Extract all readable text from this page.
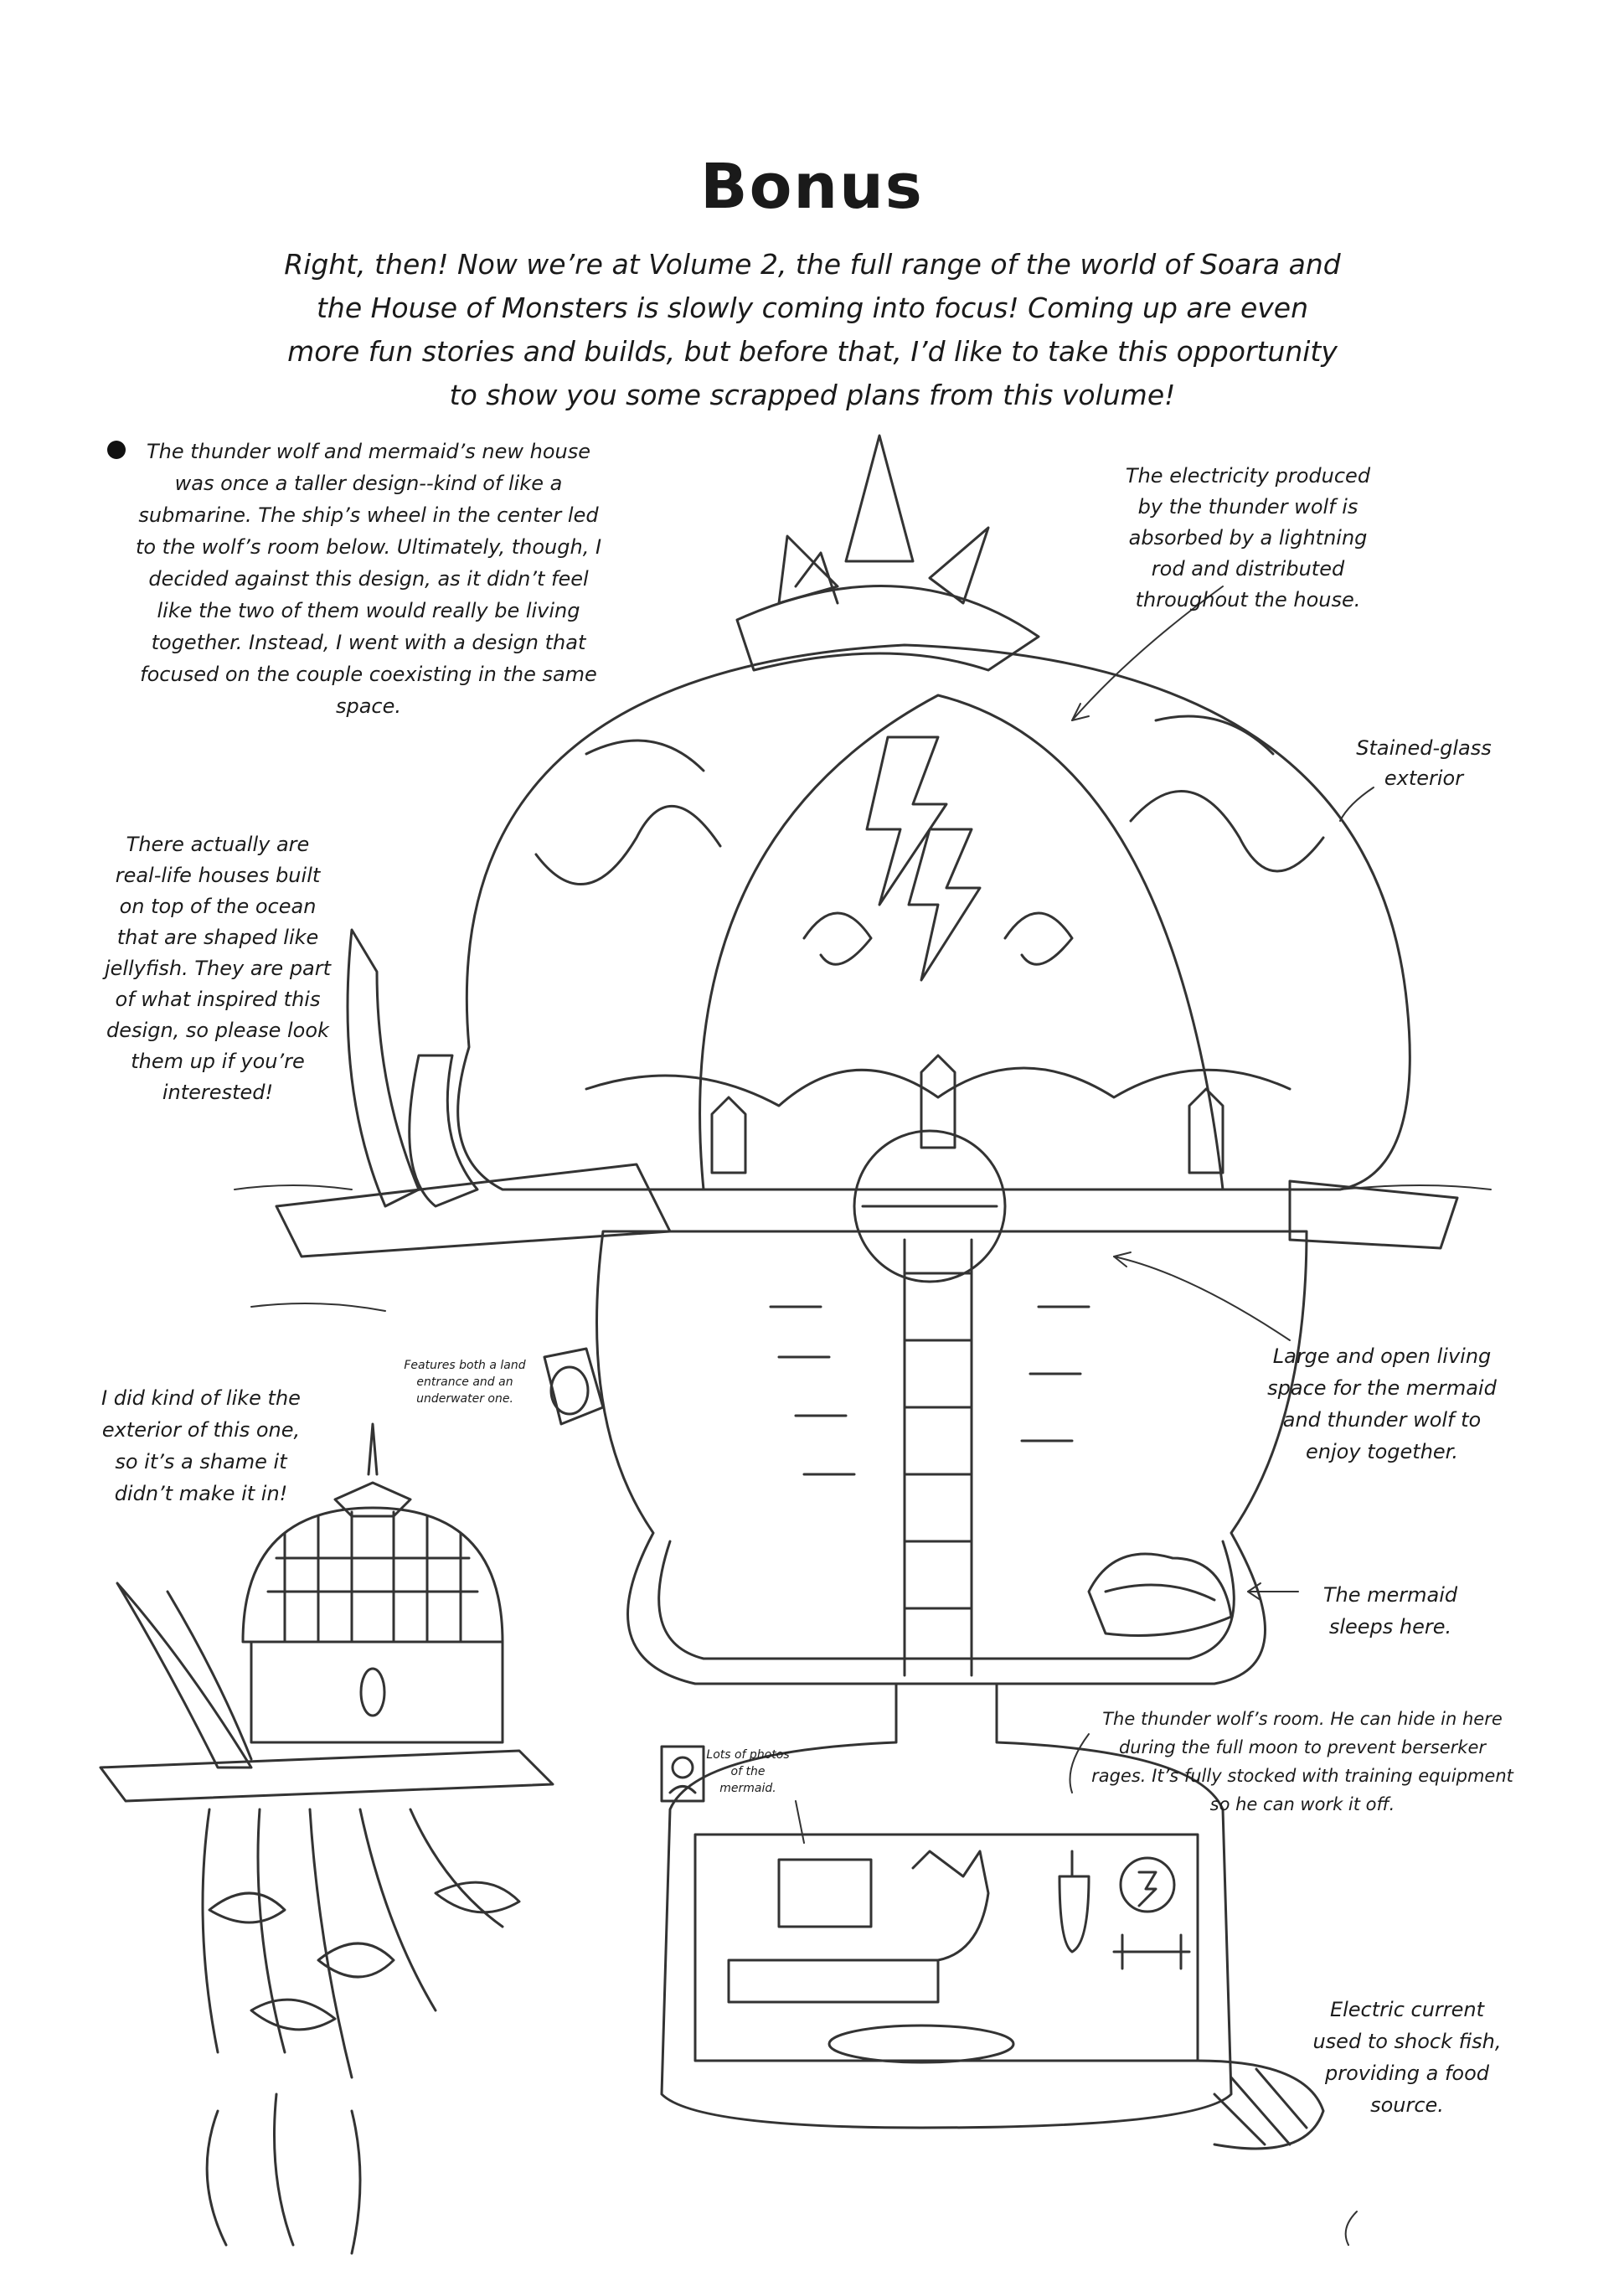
Bonus
Right, then! Now we’re at Volume 2, the full range of the world of Soara and the House of Monsters is slowly coming into focus! Coming up are even more fun stories and builds, but before that, I’d like to take this opportunity to show you some scrapped plans from this volume!
The thunder wolf and mermaid’s new house was once a taller design--kind of like a submarine. The ship’s wheel in the center led to the wolf’s room below. Ultimately, though, I decided against this design, as it didn’t feel like the two of them would really be living together. Instead, I went with a design that focused on the couple coexisting in the same space.
There actually are real-life houses built on top of the ocean that are shaped like jellyfish. They are part of what inspired this design, so please look them up if you’re interested!
I did kind of like the exterior of this one, so it’s a shame it didn’t make it in!
Features both a land entrance and an underwater one.
The electricity produced by the thunder wolf is absorbed by a lightning rod and distributed throughout the house.
Stained-glass exterior
Large and open living space for the mermaid and thunder wolf to enjoy together.
The mermaid sleeps here.
The thunder wolf’s room. He can hide in here during the full moon to prevent berserker rages. It’s fully stocked with training equipment so he can work it off.
Lots of photos of the mermaid.
Electric current used to shock fish, providing a food source.
